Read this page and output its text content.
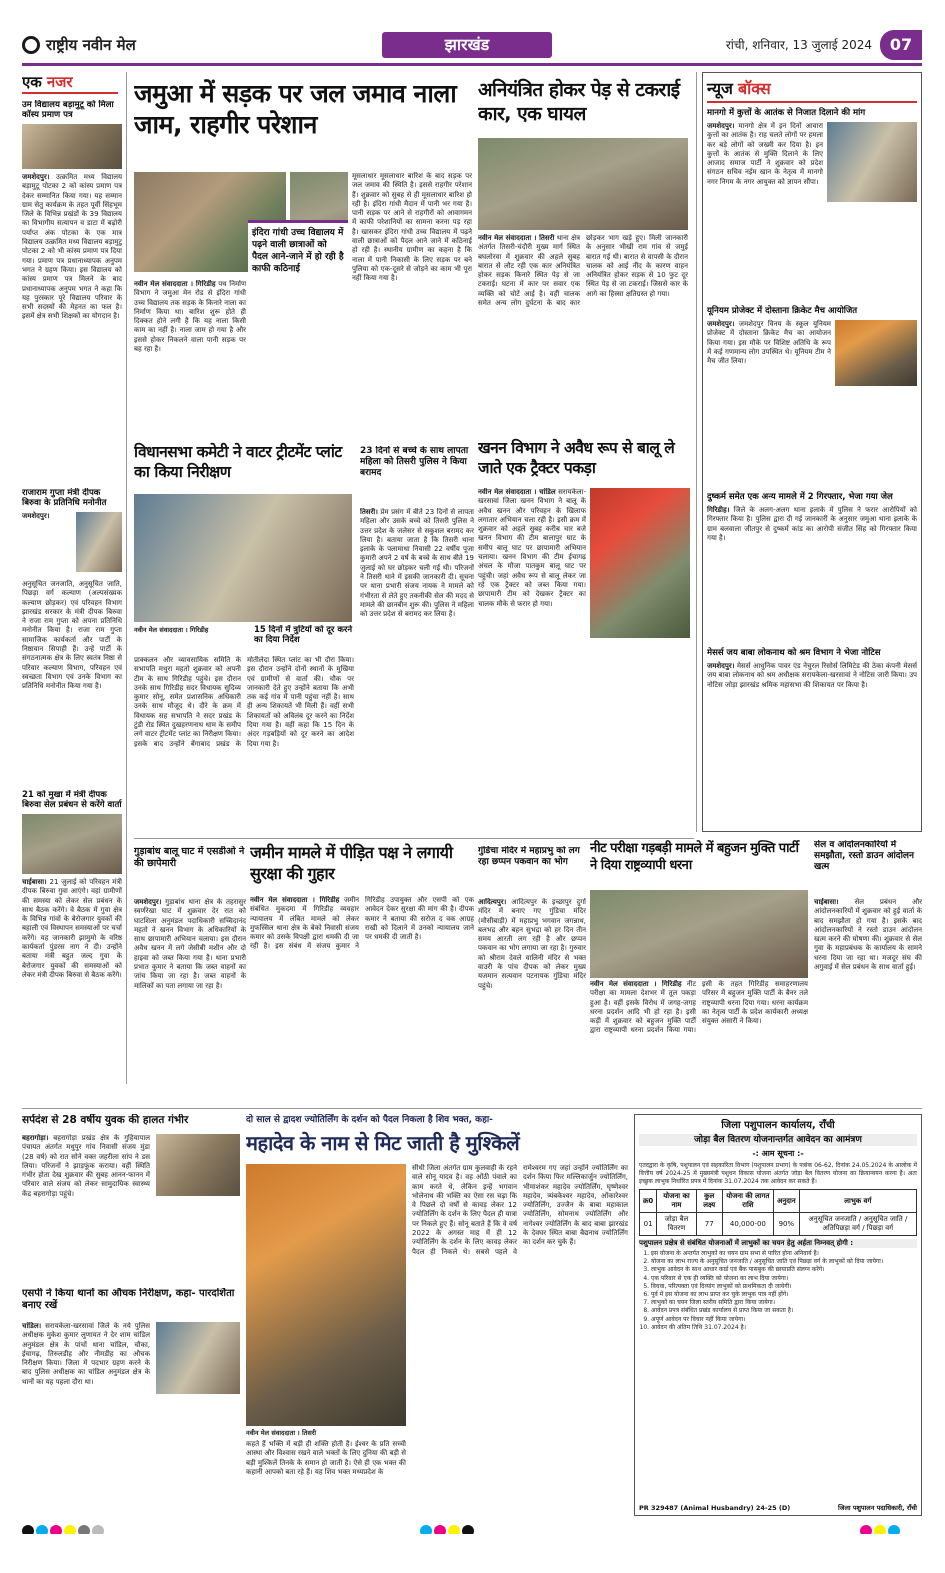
राष्ट्रीय नवीन मेल	झारखंड	रांची, शनिवार, 13 जुलाई 2024	07
एक नजर
उम विद्यालय बड़ामुटू को मिला कॉस्य प्रमाण पत्र
जमशेदपुर। उत्क्रमित मध्य विद्यालय बड़ामुटू पोटका 2 को कांस्य प्रमाण पत्र देकर सम्मानित किया गया। यह सम्मान ग्राम सेतु कार्यक्रम के तहत पूर्वी सिंहभूम जिले के विभिन्न प्रखंडों के 39 विद्यालय का विभागीय सत्यापन व डाटा में बढ़ोरी पर्याप्त अंक पोटका के एक मात्र विद्यालय उत्क्रमित मध्य विद्यालय बड़ामुटू पोटका 2 को भी कांस्य प्रमाण पत्र दिया गया। प्रमाण पत्र प्रधानाध्यापक अनुपम भगत ने ग्रहण किया। इस विद्यालय को कांस्य प्रमाण पत्र मिलने के बाद प्रधानाध्यापक अनुपम भगत ने कहा कि यह पुरस्कार पूरे विद्यालय परिवार के सभी सदस्यों की मेहनत का फल है। इसमें क्षेत्र सभी शिक्षकों का योगदान है।
राजाराम गुप्ता मंत्री दीपक बिरुवा के प्रतिनिधि मनोनीत
जमशेदपुर।
अनुसूचित जनजाति, अनुसूचित जाति, पिछड़ा वर्ग कल्याण (अल्पसंख्यक कल्याण छोड़कर) एवं परिवहन विभाग झारखंड सरकार के मंत्री दीपक बिरुवा ने राजा राम गुप्ता को अपना प्रतिनिधि मनोनीत किया है। राजा राम गुप्ता सामाजिक कार्यकर्ता और पार्टी के निष्ठावान सिपाही हैं। उन्हें पार्टी के संगठनात्मक क्षेत्र के लिए स्वतंत्र निष्ठा से परिवार कल्याण विभाग, परिवहन एवं स्वच्छता विभाग एवं उनके विभाग का प्रतिनिधि मनोनीत किया गया है।
21 को मुखा में मंत्री दीपक बिरुवा सेल प्रबंधन से करेंगे वार्ता
चाईबासा। 21 जुलाई को परिवहन मंत्री दीपक बिरुवा गुवा आएंगे। वहां ग्रामीणों की समस्या को लेकर सेल प्रबंधन के साथ बैठक करेंगे। वे बैठक में गुवा क्षेत्र के विभिन्न गांवों के बेरोजगार युवकों की बहाली एवं विस्थापन समस्याओं पर चर्चा करेंगे। यह जानकारी झामुमो के वरिष्ठ कार्यकर्ता पुंडरस नाग ने दी। उन्होंने बताया मंत्री बहुत जल्द गुवा के बेरोजगार युवकों की समस्याओं को लेकर मंत्री दीपक बिरुवा से बैठक करेंगे।
जमुआ में सड़क पर जल जमाव नाला जाम, राहगीर परेशान
इंदिरा गांधी उच्च विद्यालय में पढ़ने वाली छात्राओं को पैदल आने-जाने में हो रही है काफी कठिनाई
नवीन मेल संवाददाता । गिरिडीह पथ निर्माण विभाग ने जमुआ मेन रोड से इंदिरा गांधी उच्च विद्यालय तक सड़क के किनारे नाला का निर्माण किया था। बारिश शुरू होते ही दिक्कत होने लगी है कि यह नाला किसी काम का नहीं है। नाला जाम हो गया है और इससे होकर निकलने वाला पानी सड़क पर बह रहा है।
मूसलाधार मूसलाधार बारिश के बाद सड़क पर जल जमाव की स्थिति है। इससे राहगीर परेशान हैं। शुक्रवार को सुबह से ही मूसलाधार बारिश हो रही है। इंदिरा गांधी मैदान में पानी भर गया है। पानी सड़क पर आने से राहगीरों को आवागमन में काफी परेशानियों का सामना करना पड़ रहा है। खासकर इंदिरा गांधी उच्च विद्यालय में पढ़ने वाली छात्राओं को पैदल आने जाने में कठिनाई हो रही है। स्थानीय ग्रामीण का कहना है कि नाला में पानी निकासी के लिए सड़क पर बने पुलिया को एक-दूसरे से जोड़ने का काम भी पूरा नहीं किया गया है।
अनियंत्रित होकर पेड़ से टकराई कार, एक घायल
नवीन मेल संवाददाता । तिसरी थाना क्षेत्र अंतर्गत तिसरी-चंदौरी मुख्य मार्ग स्थित बघलोरवा में शुक्रवार की अहले सुबह बारात से लौट रही एक कार अनियंत्रित होकर सड़क किनारे स्थित पेड़ से जा टकराई। घटना में कार पर सवार एक व्यक्ति को चोटें आई है। वहीं चालक समेत अन्य लोग दुर्घटना के बाद कार छोड़कर भाग खड़े हुए। मिली जानकारी के अनुसार भीखी राम गांव से जमुई बारात गई थी। बारात से वापसी के दौरान चालक को आई नींद के कारण वाहन अनियंत्रित होकर सड़क से 10 फुट दूर स्थित पेड़ से जा टकराई। जिससे कार के आगे का हिस्सा क्षतिग्रस्त हो गया।
न्यूज बॉक्स
मानगो में कुत्तों के आतंक से निजात दिलाने की मांग
जमशेदपुर। मानगो क्षेत्र में इन दिनों आवारा कुत्तों का आतंक है। राह चलते लोगों पर हमला कर बड़े लोगों को जख्मी कर दिया है। इन कुत्तों के आतंक से मुक्ति दिलाने के लिए आजाद समाज पार्टी ने शुक्रवार को प्रदेश संगठन सचिव नईम खान के नेतृत्व में मानगो नगर निगम के नगर आयुक्त को ज्ञापन सौंपा।
यूनियम प्रोजेक्ट में दोस्ताना क्रिकेट मैच आयोजित
जमशेदपुर। जमशेदपुर विनय के स्कूल यूनियम प्रोजेक्ट में दोस्ताना क्रिकेट मैच का आयोजन किया गया। इस मौके पर विशिष्ट अतिथि के रूप में कई गणमान्य लोग उपस्थित थे। यूनियम टीम ने मैच जीत लिया।
दुष्कर्म समेत एक अन्य मामले में 2 गिरफ्तार, भेजा गया जेल
गिरिडीह। जिले के अलग-अलग थाना इलाके में पुलिस ने फरार आरोपियों को गिरफ्तार किया है। पुलिस द्वारा दी गई जानकारी के अनुसार जमुआ थाना इलाके के ग्राम बलवाला जीतपुर से दुष्कर्म कांड का आरोपी संजीत सिंह को गिरफ्तार किया गया है।
मेसर्स जय बाबा लोकनाथ को श्रम विभाग ने भेजा नोटिस
जमशेदपुर। मेसर्स आधुनिक पावर एंड नेचुरल रिसोर्स लिमिटेड की ठेका कंपनी मेसर्स जय बाबा लोकनाथ को श्रम अधीक्षक सरायकेला-खरसावां ने नोटिस जारी किया। उप नोटिस जोड़ा झारखंड श्रमिक महासभा की शिकायत पर किया है।
विधानसभा कमेटी ने वाटर ट्रीटमेंट प्लांट का किया निरीक्षण
नवीन मेल संवाददाता । गिरिडीह	15 दिनों में त्रुटियों को दूर करने का दिया निर्देश
प्राक्कलन और व्यावसायिक समिति के सभापति मथुरा महतो शुक्रवार को अपनी टीम के साथ गिरिडीह पहुंचे। इस दौरान उनके साथ गिरिडीह सदर विधायक सुदिव्य कुमार सोनू, समेत प्रशासनिक अधिकारी उनके साथ मौजूद थे। दौरे के क्रम में विधायक सह सभापति ने सदर प्रखंड के टुंडी रोड स्थित दुखहरणनाथ धाम के समीप लगे वाटर ट्रीटमेंट प्लांट का निरीक्षण किया। इसके बाद उन्होंने बेंगाबाद प्रखंड के मोतीलेदा स्थित प्लांट का भी दौरा किया। इस दौरान उन्होंने दोनों स्थानों के मुखिया एवं ग्रामीणों से वार्ता की। चौक पर जानकारी देते हुए उन्होंने बताया कि अभी तक कई गांव में पानी पहुंचा नहीं है। साथ ही अन्य शिकायतें भी मिली हैं। वहीं सभी शिकायतों को अविलंब दूर करने का निर्देश दिया गया है। वहीं कहा कि 15 दिन के अंदर गड़बड़ियों को दूर करने का आदेश दिया गया है।
23 दिनों से बच्चे के साथ लापता महिला को तिसरी पुलिस ने किया बरामद
तिसरी। प्रेम प्रसंग में बीते 23 दिनों से लापता महिला और उसके बच्चे को तिसरी पुलिस ने उत्तर प्रदेश के जलेसर से सकुशल बरामद कर लिया है। बताया जाता है कि तिसरी थाना इलाके के पलामाधा निवासी 22 वर्षीय पूजा कुमारी अपने 2 वर्ष के बच्चे के साथ बीते 19 जुलाई को घर छोड़कर चली गई थी। परिजनों ने तिसरी थाने में इसकी जानकारी दी। सूचना पर थाना प्रभारी संजय नायक ने मामले को गंभीरता से लेते हुए तकनीकी सेल की मदद से मामले की छानबीन शुरू की। पुलिस ने महिला को उत्तर प्रदेश से बरामद कर लिया है।
खनन विभाग ने अवैध रूप से बालू ले जाते एक ट्रैक्टर पकड़ा
नवीन मेल संवाददाता । चांडिल सरायकेला-खरसावां जिला खनन विभाग ने बालू के अवैध खनन और परिवहन के खिलाफ लगातार अभियान चला रही है। इसी क्रम में शुक्रवार को अहले सुबह करीब चार बजे खनन विभाग की टीम बालापुर घाट के समीप बालू घाट पर छापामारी अभियान चलाया। खनन विभाग की टीम ईचागढ़ अंचल के मौजा पातकुम बालू घाट पर पहुंची। जहां अवैध रूप से बालू लेकर जा रहे एक ट्रैक्टर को जब्त किया गया। छापामारी टीम को देखकर ट्रैक्टर का चालक मौके से फरार हो गया।
गुड़ाबांध बालू घाट में एसडीओ ने की छापेमारी
जमशेदपुर। गुड़ाबांध थाना क्षेत्र के तहरासुर स्वर्णरेखा घाट में शुक्रवार देर रात को घाटशिला अनुमंडल पदाधिकारी सच्चिदानंद महतो ने खनन विभाग के अधिकारियों के साथ छापामारी अभियान चलाया। इस दौरान अवैध खनन में लगे जेसीबी मशीन और दो हाइवा को जब्त किया गया है। थाना प्रभारी प्रभात कुमार ने बताया कि जब्त वाहनों का जांच किया जा रहा है। जब्त वाहनों के मालिकों का पता लगाया जा रहा है।
जमीन मामले में पीड़ित पक्ष ने लगायी सुरक्षा की गुहार
नवीन मेल संवाददाता । गिरिडीह जमीन संबंधित मुकदमा में गिरिडीह व्यवहार न्यायालय में लंबित मामले को लेकर मुफस्सिल थाना क्षेत्र के बेको निवासी संजय कमार को उसके विपक्षी द्वारा धमकी दी जा रही है। इस संबंध में संजय कुमार ने गिरिडीह उपायुक्त और एसपी को एक आवेदन देकर सुरक्षा की मांग की है। दीपक कमार ने बताया की सरोज द वक आग्रह राखी को दिलाने में उनको न्यायालय जाने पर धमकी दी जाती है।
गुंडिचा मंदिर में महाप्रभु को लग रहा छप्पन पकवान का भोग
आदित्यपुर। आदित्यपुर के इच्छापुर दुर्गा मंदिर में बनाए गए गुंडिचा मंदिर (मौसीबाड़ी) में महाप्रभु भगवान जगन्नाथ, बलभद्र और बहन सुभद्रा को हर दिन तीन समय आरती लग रही है और छप्पन पकवान का भोग लगाया जा रहा है। गुरुवार को श्रीराम देवले वालिनी मंदिर से भक्त वाउरी के पांच दीपक को लेकर मुख्य यजमान सत्यवान पटनायक गुंडिचा मंदिर पहुंचे।
नीट परीक्षा गड़बड़ी मामले में बहुजन मुक्ति पार्टी ने दिया राष्ट्रव्यापी धरना
नवीन मेल संवाददाता । गिरिडीह नीट परीक्षा का मामला देशभर में तूल पकड़ा हुआ है। वहीं इसके विरोध में जगह-जगह धरना प्रदर्शन आदि भी हो रहा है। इसी कड़ी में शुक्रवार को बहुजन मुक्ति पार्टी द्वारा राष्ट्रव्यापी धरना प्रदर्शन किया गया। इसी के तहत गिरिडीह समाहरणालय परिसर में बहुजन मुक्ति पार्टी के बैनर तले राष्ट्रव्यापी धरना दिया गया। धरना कार्यक्रम का नेतृत्व पार्टी के प्रदेश कार्यकारी अध्यक्ष संयुक्त अंसारी ने किया।
सेल व आंदोलनकारियों में समझौता, रस्तो डाउन आंदोलन खत्म
चाईबासा। सेल प्रबंधन और आंदोलनकारियों में शुक्रवार को हुई वार्ता के बाद समझौता हो गया है। इसके बाद आंदोलनकारियों ने रस्तो डाउन आंदोलन खत्म करने की घोषणा की। शुक्रवार से सेल गुवा के महाप्रबंधक के कार्यालय के सामने धरना दिया जा रहा था। मजदूर संघ की अगुवाई में सेल प्रबंधन के साथ वार्ता हुई।
सर्पदंश से 28 वर्षीय युवक की हालत गंभीर
बहरागोड़ा। बहरागोड़ा प्रखंड क्षेत्र के गुहियापाल पंचायत अंतर्गत मधुपुर गांव निवासी संजय मुंडा (28 वर्ष) को रात सोने वक्त जहरीला सांप ने डस लिया। परिजनों ने झाड़फूंक कराया। वहीं स्थिति गंभीर होता देख शुक्रवार की सुबह आनन-फानन में परिवार वाले संजय को लेकर सामुदायिक स्वास्थ्य केंद्र बहरागोड़ा पहुंचे।
एसपी ने किया थानों का औचक निरीक्षण, कहा- पारदर्शिता बनाए रखें
चांडिल। सरायकेला-खरसावां जिले के नये पुलिस अधीक्षक मुकेश कुमार लुणायत ने देर शाम चांडिल अनुमंडल क्षेत्र के पांचों थाना चांडिल, चौका, ईचागढ़, तिरुलडीह और नीमडीह का औचक निरीक्षण किया। जिला में पदभार ग्रहण करने के बाद पुलिस अधीक्षक का चांडिल अनुमंडल क्षेत्र के थानों का यह पहला दौरा था।
दो साल से द्वादश ज्योतिर्लिंग के दर्शन को पैदल निकला है शिव भक्त, कहा-
महादेव के नाम से मिट जाती है मुश्किलें
नवीन मेल संवाददाता । तिसरी
कहते हैं भक्ति में बड़ी ही शक्ति होती है। ईश्वर के प्रति सच्ची आस्था और विश्वास रखने वाले भक्तों के लिए दुनिया की बड़ी से बड़ी मुश्किलें तिनके के समान हो जाती है। ऐसे ही एक भक्त की कहानी आपको बता रहे हैं। यह शिव भक्त मध्यप्रदेश के
सीधी जिला अंतर्गत ग्राम कुलवाही के रहने वाले सोनू यादव है। वह ओंठी पंवाले का काम करते थे, लेकिन इन्हें भगवान भोलेनाथ की भक्ति का ऐसा रस चढ़ा कि वे पिछले दो वर्षों से कावड़ लेकर 12 ज्योतिर्लिंग के दर्शन के लिए पैदल ही यात्रा पर निकले हुए हैं। सोनू बताते हैं कि वे वर्ष 2022 के अगस्त माह में ही 12 ज्योतिर्लिंग के दर्शन के लिए कावड़ लेकर पैदल ही निकले थे। सबसे पहले वे रामेश्वरम गए जहां उन्होंने ज्योतिर्लिंग का दर्शन किया फिर मल्लिकार्जुन ज्योतिर्लिंग, भीमाशंकर महादेव ज्योतिर्लिंग, घृष्णेश्वर महादेव, त्र्यंबकेश्वर महादेव, ओंकारेश्वर ज्योतिर्लिंग, उज्जैन के बाबा महाकाल ज्योतिर्लिंग, सोमनाथ ज्योतिर्लिंग और नागेश्वर ज्योतिर्लिंग के बाद बाबा झारखंड के देवघर स्थित बाबा बैद्यनाथ ज्योतिर्लिंग का दर्शन कर चुके हैं।
जिला पशुपालन कार्यालय, राँची
जोड़ा बैल वितरण योजनान्तर्गत आवेदन का आमंत्रण
-: आम सूचना :-
एतदद्वारा के कृषि, पशुपालन एवं सहकारिता विभाग (पशुपालन प्रभाग) के पत्रांक 06-62, दिनांक 24.05.2024 के आलोक में वित्तीय वर्ष 2024-25 में मुख्यमंत्री पशुधन विकास योजना अंतर्गत जोड़ा बैल वितरण योजना का क्रियान्वयन करना है। अतः इच्छुक लाभुक निर्धारित प्रपत्र में दिनांक 31.07.2024 तक आवेदन कर सकते हैं।
क्र0	योजना का नाम	कुल लक्ष्य	योजना की लागत राशि	अनुदान	लाभुक वर्ग
01	जोड़ा बैल वितरण	77	40,000-00	90%	अनुसूचित जनजाति / अनुसूचित जाति / अतिपिछड़ा वर्ग / पिछड़ा वर्ग
पशुपालन प्रक्षेत्र से संबंधित योजनाओं में लाभुकों का चयन हेतु अर्हता निम्नवत् होगी :
1. इस योजना के अन्तर्गत लाभुकों का चयन ग्राम सभा से पारित होना अनिवार्य है।
2. योजना का लाभ राज्य के अनुसूचित जनजाति / अनुसूचित जाति एवं पिछड़ा वर्ग के लाभुकों को दिया जायेगा।
3. लाभुक आवेदन के साथ आधार कार्ड एवं बैंक पासबुक की छायाप्रति संलग्न करेंगे।
4. एक परिवार से एक ही व्यक्ति को योजना का लाभ दिया जायेगा।
5. विधवा, परित्यक्ता एवं दिव्यांग लाभुकों को प्राथमिकता दी जायेगी।
6. पूर्व में इस योजना का लाभ प्राप्त कर चुके लाभुक पात्र नहीं होंगे।
7. लाभुकों का चयन जिला स्तरीय समिति द्वारा किया जायेगा।
8. आवेदन प्रपत्र संबंधित प्रखंड कार्यालय से प्राप्त किया जा सकता है।
9. अपूर्ण आवेदन पर विचार नहीं किया जायेगा।
10. आवेदन की अंतिम तिथि 31.07.2024 है।
PR 329487 (Animal Husbandry) 24-25 (D)	जिला पशुपालन पदाधिकारी, राँची
